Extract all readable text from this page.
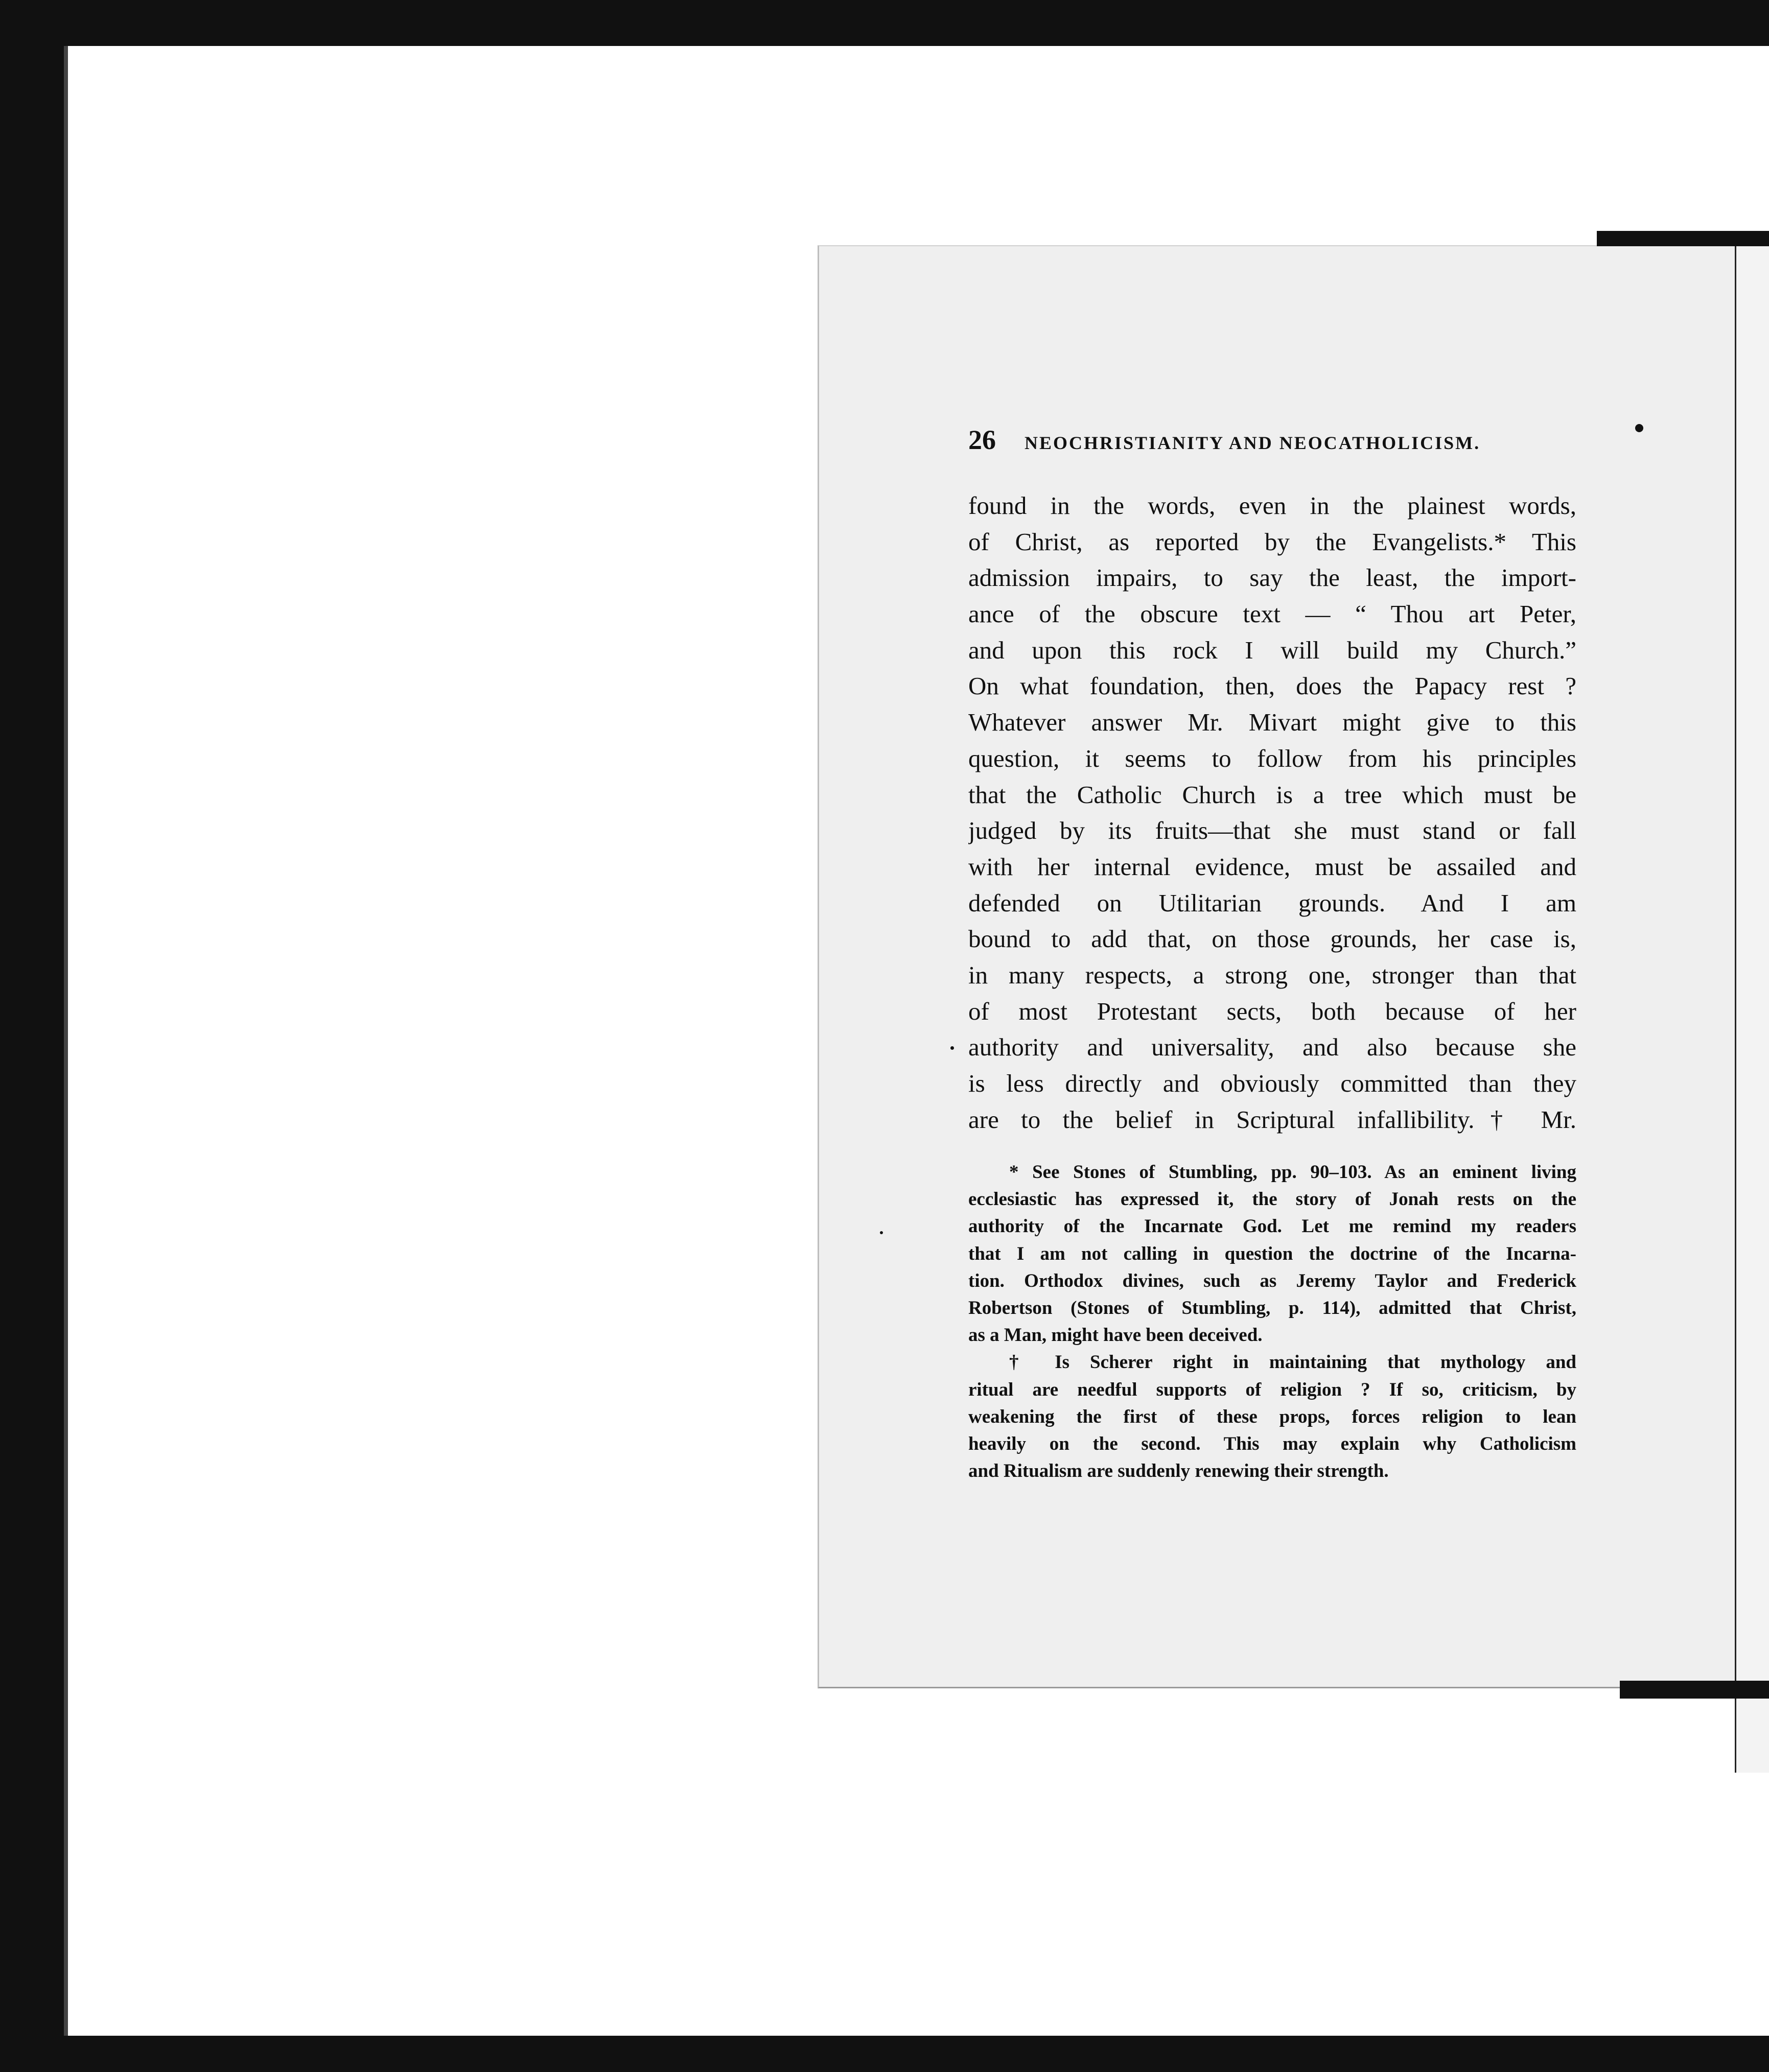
26	NEOCHRISTIANITY AND NEOCATHOLICISM.
found in the words, even in the plainest words,
of Christ, as reported by the Evangelists.* This
admission impairs, to say the least, the import-
ance of the obscure text — “ Thou art Peter,
and upon this rock I will build my Church.”
On what foundation, then, does the Papacy rest ?
Whatever answer Mr. Mivart might give to this
question, it seems to follow from his principles
that the Catholic Church is a tree which must be
judged by its fruits—that she must stand or fall
with her internal evidence, must be assailed and
defended on Utilitarian grounds. And I am
bound to add that, on those grounds, her case is,
in many respects, a strong one, stronger than that
of most Protestant sects, both because of her
authority and universality, and also because she
is less directly and obviously committed than they
are to the belief in Scriptural infallibility.† Mr.
* See Stones of Stumbling, pp. 90–103. As an eminent living
ecclesiastic has expressed it, the story of Jonah rests on the
authority of the Incarnate God. Let me remind my readers
that I am not calling in question the doctrine of the Incarna-
tion. Orthodox divines, such as Jeremy Taylor and Frederick
Robertson (Stones of Stumbling, p. 114), admitted that Christ,
as a Man, might have been deceived.
† Is Scherer right in maintaining that mythology and
ritual are needful supports of religion ? If so, criticism, by
weakening the first of these props, forces religion to lean
heavily on the second. This may explain why Catholicism
and Ritualism are suddenly renewing their strength.
